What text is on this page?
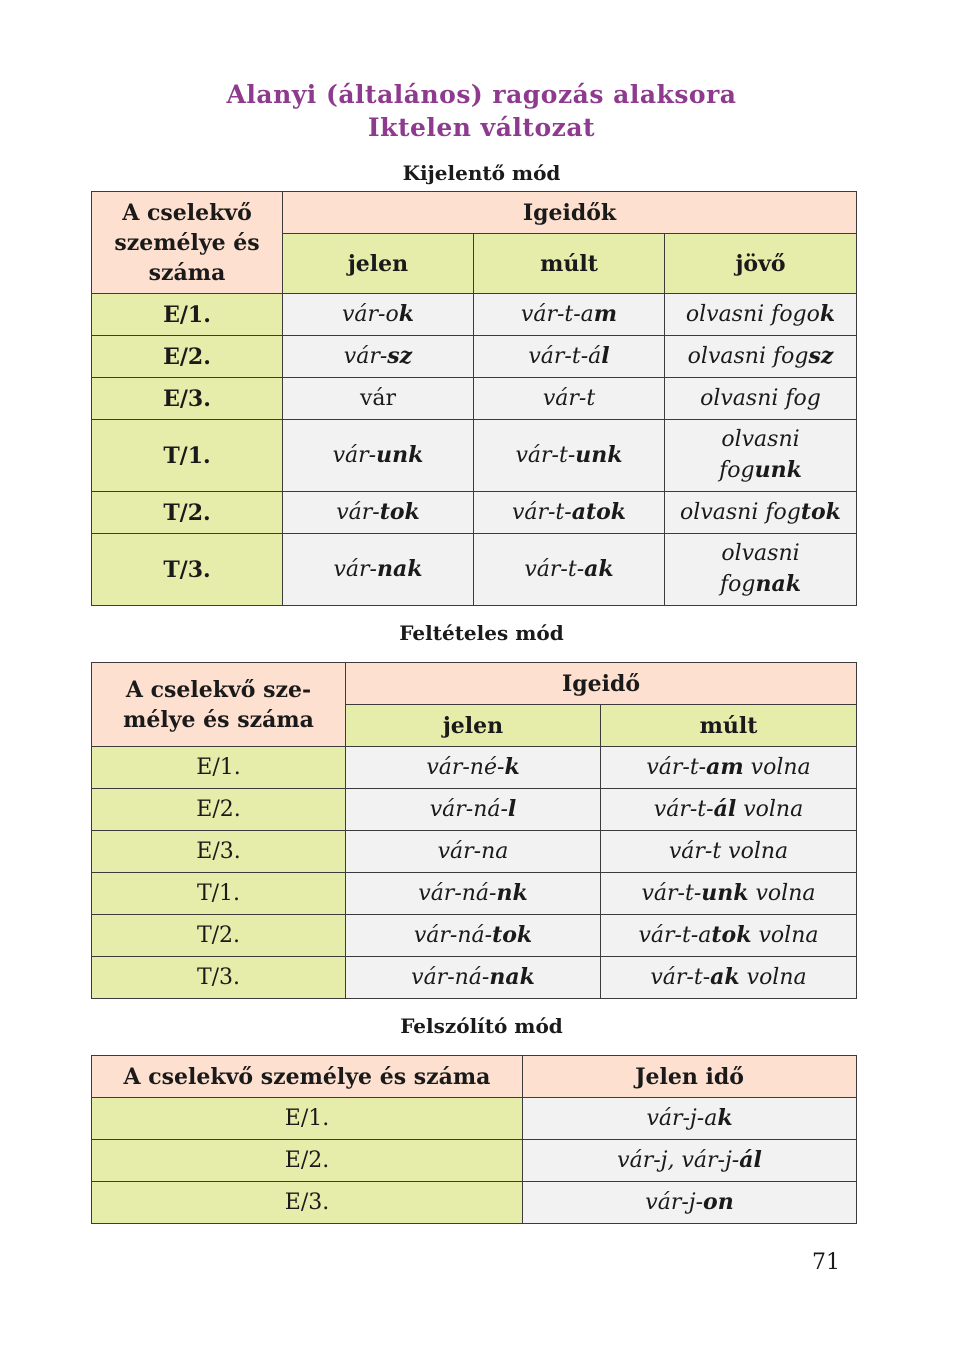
Alanyi (általános) ragozás alaksora
Iktelen változat
Kijelentő mód
A cselekvő személye és száma	Igeidők		
	jelen	múlt	jövő
E/1.	vár-ok	vár-t-am	olvasni fogok
E/2.	vár-sz	vár-t-ál	olvasni fogsz
E/3.	vár	vár-t	olvasni fog
T/1.	vár-unk	vár-t-unk	olvasni
fogunk
T/2.	vár-tok	vár-t-atok	olvasni fogtok
T/3.	vár-nak	vár-t-ak	olvasni
fognak
Feltételes mód
A cselekvő sze-mélye és száma	Igeidő	
	jelen	múlt
E/1.	vár-né-k	vár-t-am volna
E/2.	vár-ná-l	vár-t-ál volna
E/3.	vár-na	vár-t volna
T/1.	vár-ná-nk	vár-t-unk volna
T/2.	vár-ná-tok	vár-t-atok volna
T/3.	vár-ná-nak	vár-t-ak volna
Felszólító mód
A cselekvő személye és száma	Jelen idő
E/1.	vár-j-ak
E/2.	vár-j, vár-j-ál
E/3.	vár-j-on
71
